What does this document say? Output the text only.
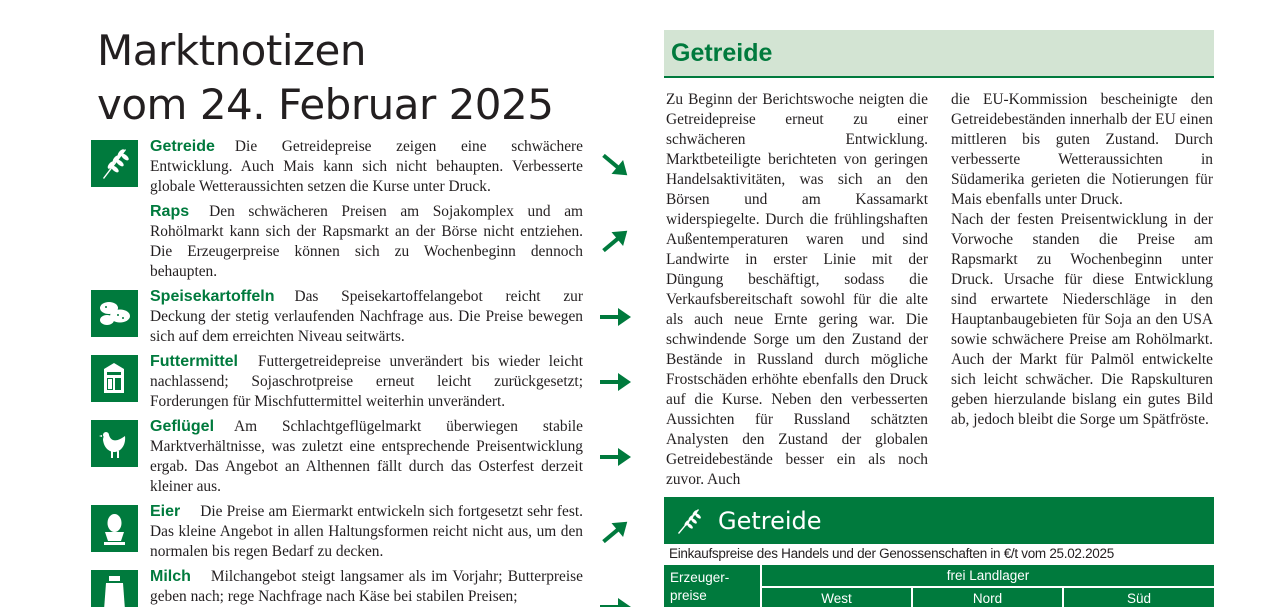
Marktnotizen
vom 24. Februar 2025
Getreide Die Getreidepreise zeigen eine schwächere Entwicklung. Auch Mais kann sich nicht behaupten. Verbesserte globale Wetteraussichten setzen die Kurse unter Druck.
Raps Den schwächeren Preisen am Sojakomplex und am Rohölmarkt kann sich der Rapsmarkt an der Börse nicht entziehen. Die Erzeugerpreise können sich zu Wochenbeginn dennoch behaupten.
Speisekartoffeln Das Speisekartoffelangebot reicht zur Deckung der stetig verlaufenden Nachfrage aus. Die Preise bewegen sich auf dem erreichten Niveau seitwärts.
Futtermittel Futtergetreidepreise unverändert bis wieder leicht nachlassend; Sojaschrotpreise erneut leicht zurückgesetzt; Forderungen für Mischfuttermittel weiterhin unverändert.
Geflügel Am Schlachtgeflügelmarkt überwiegen stabile Marktverhältnisse, was zuletzt eine entsprechende Preisentwicklung ergab. Das Angebot an Althennen fällt durch das Osterfest derzeit kleiner aus.
Eier Die Preise am Eiermarkt entwickeln sich fortgesetzt sehr fest. Das kleine Angebot in allen Haltungsformen reicht nicht aus, um den normalen bis regen Bedarf zu decken.
Milch Milchangebot steigt langsamer als im Vorjahr; Butterpreise geben nach; rege Nachfrage nach Käse bei stabilen Preisen;
Getreide

Zu Beginn der Berichtswoche neigten die Getreidepreise erneut zu einer schwächeren Entwicklung. Marktbeteiligte berichteten von geringen Handelsaktivitäten, was sich an den Börsen und am Kassamarkt widerspiegelte. Durch die frühlingshaften Außentemperaturen waren und sind Landwirte in erster Linie mit der Düngung beschäftigt, sodass die Verkaufsbereitschaft sowohl für die alte als auch neue Ernte gering war. Die schwindende Sorge um den Zustand der Bestände in Russland durch mögliche Frostschäden erhöhte ebenfalls den Druck auf die Kurse. Neben den verbesserten Aussichten für Russland schätzten Analysten den Zustand der globalen Getreidebestände besser ein als noch zuvor. Auch

die EU-Kommission bescheinigte den Getreidebeständen innerhalb der EU einen mittleren bis guten Zustand. Durch verbesserte Wetteraussichten in Südamerika gerieten die Notierungen für Mais ebenfalls unter Druck.

Nach der festen Preisentwicklung in der Vorwoche standen die Preise am Rapsmarkt zu Wochenbeginn unter Druck. Ursache für diese Entwicklung sind erwartete Niederschläge in den Hauptanbaugebieten für Soja an den USA sowie schwächere Preise am Rohölmarkt. Auch der Markt für Palmöl entwickelte sich leicht schwächer. Die Rapskulturen geben hierzulande bislang ein gutes Bild ab, jedoch bleibt die Sorge um Spätfröste.

Getreide
Einkaufspreise des Handels und der Genossenschaften in €/t vom 25.02.2025
Erzeuger-
preise
frei Landlager
West	Nord	Süd
